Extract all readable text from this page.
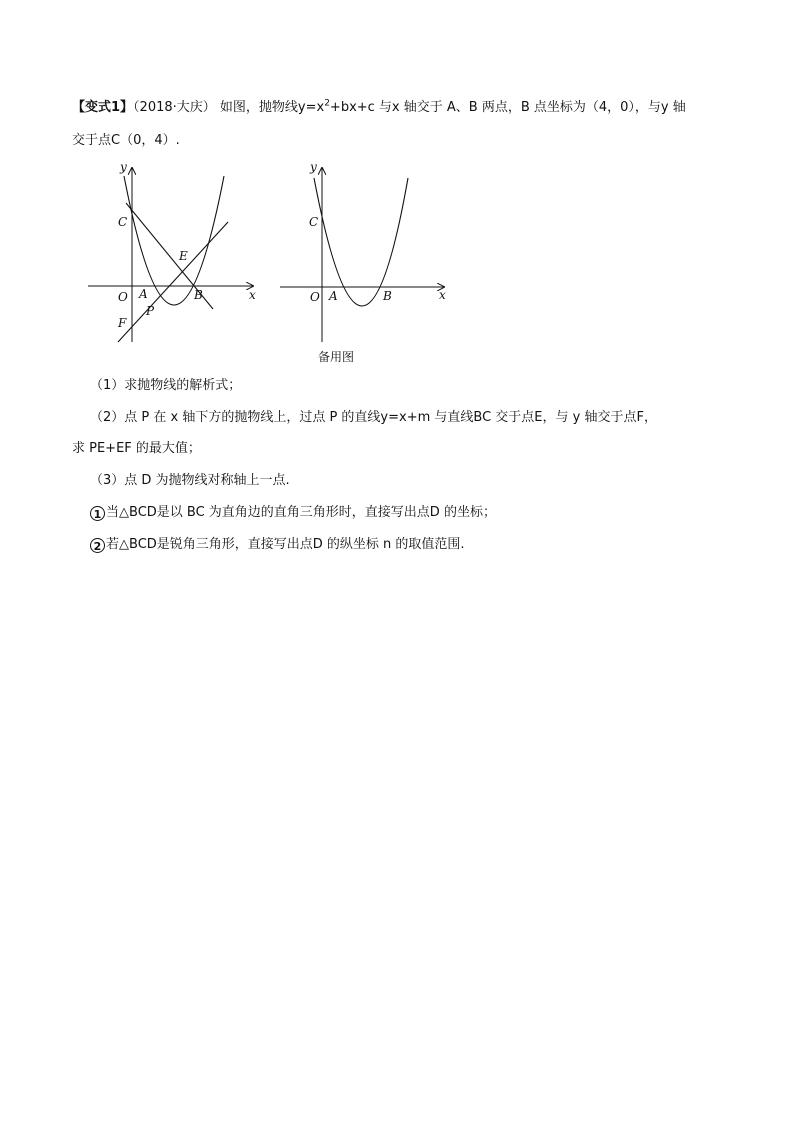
【变式1】（2018·大庆） 如图，抛物线$y=x^2+bx+c$ 与x 轴交于 A、B 两点，B 点坐标为（4，0），与y 轴
交于点C（0，4）.
y
x
O A	B
C
E
F
P
y
x
O A	B
C
备用图
（1）求抛物线的解析式；
（2）点 P 在 x 轴下方的抛物线上，过点 P 的直线y=x+m 与直线BC 交于点E，与 y 轴交于点F，
求 PE+EF 的最大值；
（3）点 D 为抛物线对称轴上一点.
1 当△BCD是以 BC 为直角边的直角三角形时，直接写出点D 的坐标；
2 若△BCD是锐角三角形，直接写出点D 的纵坐标 n 的取值范围.
